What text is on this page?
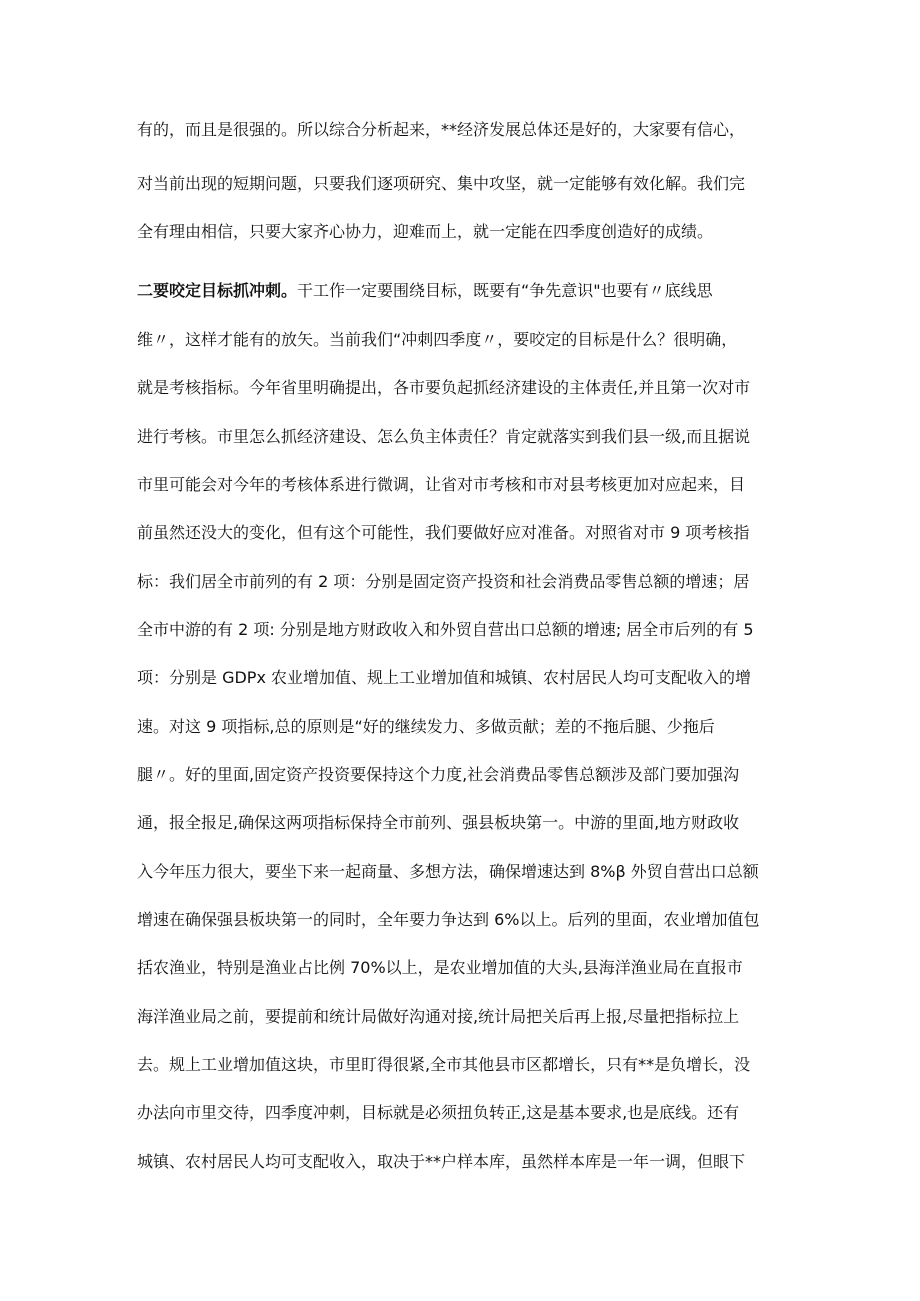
有的，而且是很强的。所以综合分析起来，**经济发展总体还是好的，大家要有信心，
对当前出现的短期问题，只要我们逐项研究、集中攻坚，就一定能够有效化解。我们完
全有理由相信，只要大家齐心协力，迎难而上，就一定能在四季度创造好的成绩。
二要咬定目标抓冲刺。干工作一定要围绕目标，既要有“争先意识"也要有〃底线思
维〃，这样才能有的放矢。当前我们“冲刺四季度〃，要咬定的目标是什么？很明确，
就是考核指标。今年省里明确提出，各市要负起抓经济建设的主体责任,并且第一次对市
进行考核。市里怎么抓经济建设、怎么负主体责任？肯定就落实到我们县一级,而且据说
市里可能会对今年的考核体系进行微调，让省对市考核和市对县考核更加对应起来，目
前虽然还没大的变化，但有这个可能性，我们要做好应对准备。对照省对市 9 项考核指
标：我们居全市前列的有 2 项：分别是固定资产投资和社会消费品零售总额的增速；居
全市中游的有 2 项: 分别是地方财政收入和外贸自营出口总额的增速; 居全市后列的有 5
项：分别是 GDPx 农业增加值、规上工业增加值和城镇、农村居民人均可支配收入的增
速。对这 9 项指标,总的原则是“好的继续发力、多做贡献；差的不拖后腿、少拖后
腿〃。好的里面,固定资产投资要保持这个力度,社会消费品零售总额涉及部门要加强沟
通，报全报足,确保这两项指标保持全市前列、强县板块第一。中游的里面,地方财政收
入今年压力很大，要坐下来一起商量、多想方法，确保增速达到 8%β 外贸自营出口总额
增速在确保强县板块第一的同时，全年要力争达到 6%以上。后列的里面，农业增加值包
括农渔业，特别是渔业占比例 70%以上，是农业增加值的大头,县海洋渔业局在直报市
海洋渔业局之前，要提前和统计局做好沟通对接,统计局把关后再上报,尽量把指标拉上
去。规上工业增加值这块，市里盯得很紧,全市其他县市区都增长，只有**是负增长，没
办法向市里交待，四季度冲刺，目标就是必须扭负转正,这是基本要求,也是底线。还有
城镇、农村居民人均可支配收入，取决于**户样本库，虽然样本库是一年一调，但眼下
